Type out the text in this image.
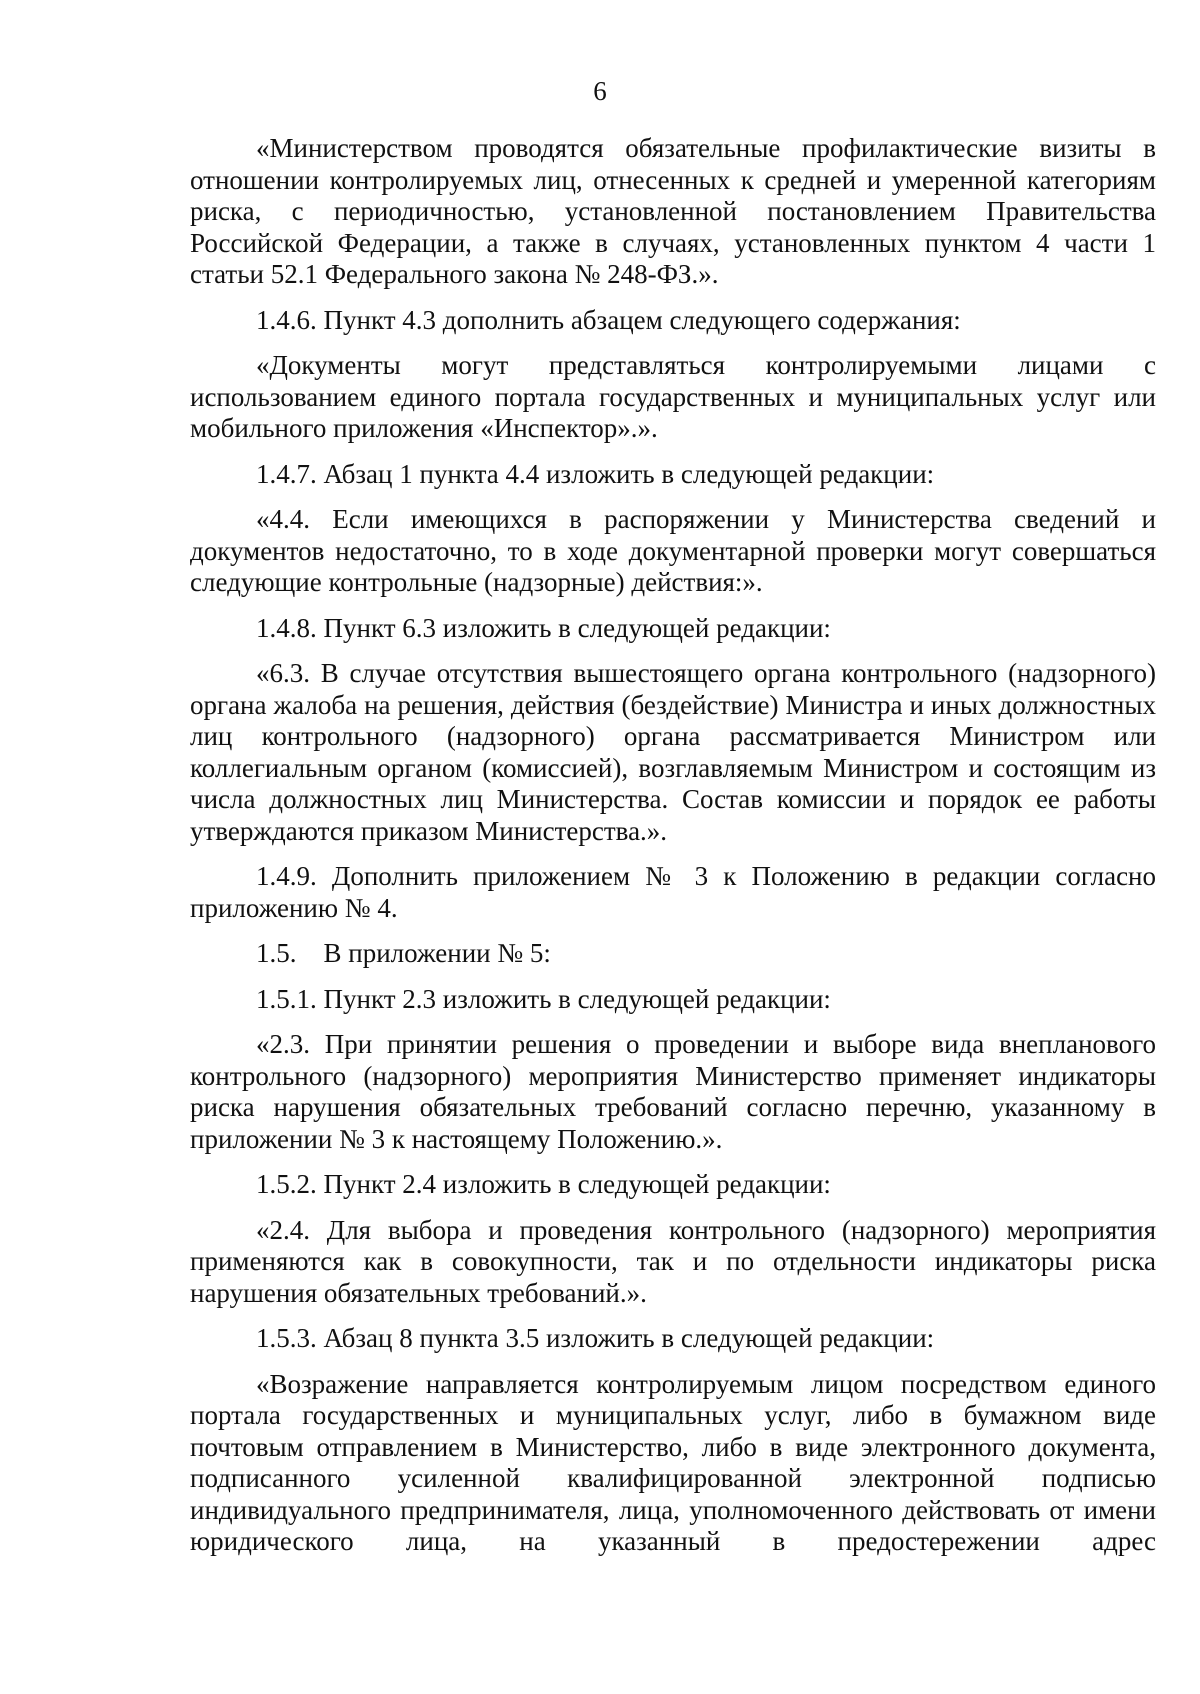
6

«Министерством проводятся обязательные профилактические визиты в отношении контролируемых лиц, отнесенных к средней и умеренной категориям риска, с периодичностью, установленной постановлением Правительства Российской Федерации, а также в случаях, установленных пунктом 4 части 1 статьи 52.1 Федерального закона № 248-ФЗ.».

1.4.6. Пункт 4.3 дополнить абзацем следующего содержания:

«Документы могут представляться контролируемыми лицами с использованием единого портала государственных и муниципальных услуг или мобильного приложения «Инспектор».».

1.4.7. Абзац 1 пункта 4.4 изложить в следующей редакции:

«4.4. Если имеющихся в распоряжении у Министерства сведений и документов недостаточно, то в ходе документарной проверки могут совершаться следующие контрольные (надзорные) действия:».

1.4.8. Пункт 6.3 изложить в следующей редакции:

«6.3. В случае отсутствия вышестоящего органа контрольного (надзорного) органа жалоба на решения, действия (бездействие) Министра и иных должностных лиц контрольного (надзорного) органа рассматривается Министром или коллегиальным органом (комиссией), возглавляемым Министром и состоящим из числа должностных лиц Министерства. Состав комиссии и порядок ее работы утверждаются приказом Министерства.».

1.4.9. Дополнить приложением № 3 к Положению в редакции согласно приложению № 4.

1.5.    В приложении № 5:

1.5.1. Пункт 2.3 изложить в следующей редакции:

«2.3. При принятии решения о проведении и выборе вида внепланового контрольного (надзорного) мероприятия Министерство применяет индикаторы риска нарушения обязательных требований согласно перечню, указанному в приложении № 3 к настоящему Положению.».

1.5.2. Пункт 2.4 изложить в следующей редакции:

«2.4. Для выбора и проведения контрольного (надзорного) мероприятия применяются как в совокупности, так и по отдельности индикаторы риска нарушения обязательных требований.».

1.5.3. Абзац 8 пункта 3.5 изложить в следующей редакции:

«Возражение направляется контролируемым лицом посредством единого портала государственных и муниципальных услуг, либо в бумажном виде почтовым отправлением в Министерство, либо в виде электронного документа, подписанного усиленной квалифицированной электронной подписью индивидуального предпринимателя, лица, уполномоченного действовать от имени юридического лица, на указанный в предостережении адрес
